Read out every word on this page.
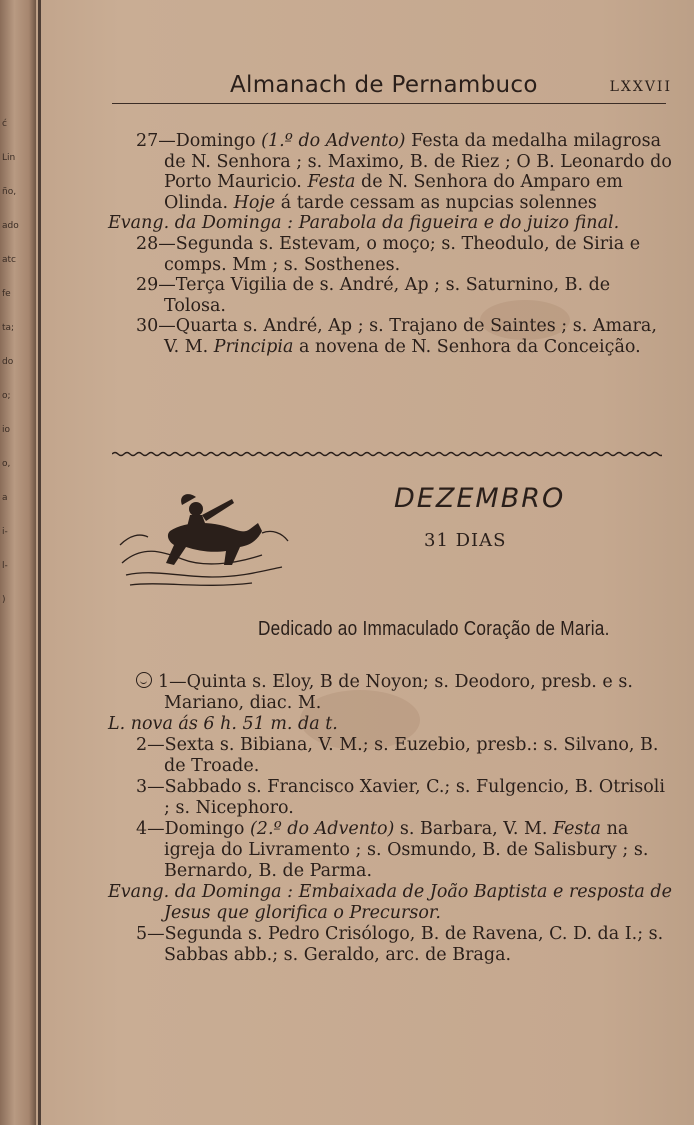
ć
Lin
ño,
ado
atc
fe
ta;
do
o;
io
o,
a
i-
l-
)
Almanach de Pernambuco	LXXVII

27—Domingo (1.º do Advento) Festa da medalha milagrosa de N. Senhora ; s. Maximo, B. de Riez ; O B. Leonardo do Porto Mauricio. Festa de N. Senhora do Amparo em Olinda. Hoje á tarde cessam as nupcias solennes

Evang. da Dominga : Parabola da figueira e do juizo final.

28—Segunda s. Estevam, o moço; s. Theodulo, de Siria e comps. Mm ; s. Sosthenes.

29—Terça Vigilia de s. André, Ap ; s. Saturnino, B. de Tolosa.

30—Quarta s. André, Ap ; s. Trajano de Saintes ; s. Amara, V. M. Principia a novena de N. Senhora da Conceição.

DEZEMBRO
31 DIAS
Dedicado ao Immaculado Coração de Maria.

1—Quinta s. Eloy, B de Noyon; s. Deodoro, presb. e s. Mariano, diac. M.

L. nova ás 6 h. 51 m. da t.

2—Sexta s. Bibiana, V. M.; s. Euzebio, presb.: s. Silvano, B. de Troade.

3—Sabbado s. Francisco Xavier, C.; s. Fulgencio, B. Otrisoli ; s. Nicephoro.

4—Domingo (2.º do Advento) s. Barbara, V. M. Festa na igreja do Livramento ; s. Osmundo, B. de Salisbury ; s. Bernardo, B. de Parma.

Evang. da Dominga : Embaixada de João Baptista e resposta de Jesus que glorifica o Precursor.

5—Segunda s. Pedro Crisólogo, B. de Ravena, C. D. da I.; s. Sabbas abb.; s. Geraldo, arc. de Braga.
